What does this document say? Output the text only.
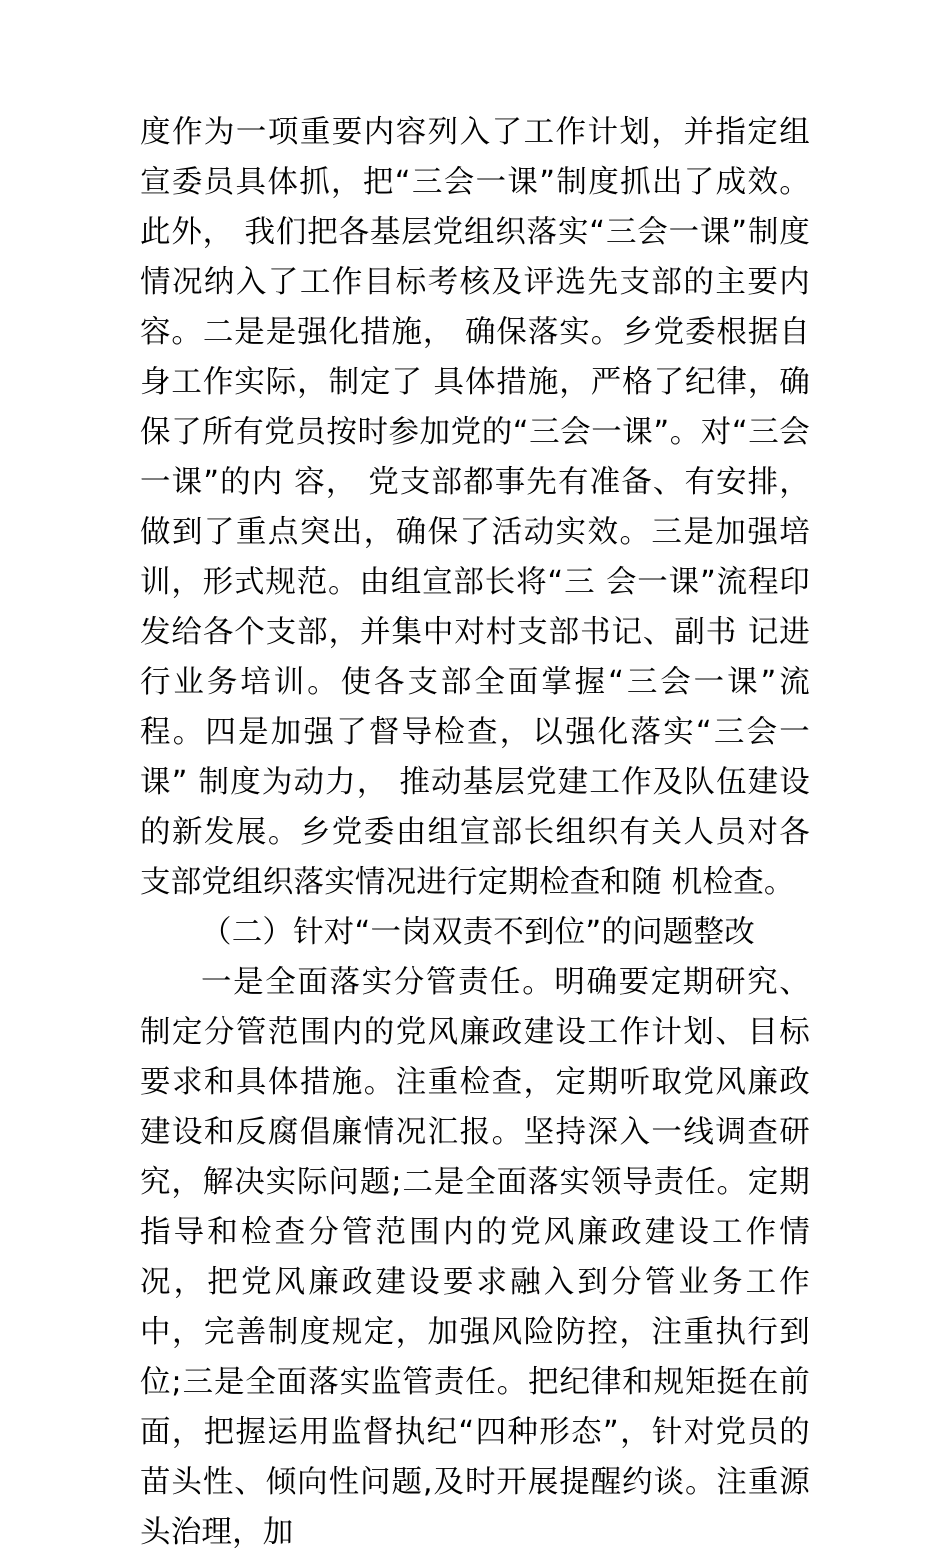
度作为一项重要内容列入了工作计划，并指定组宣委员具体抓，把“三会一课”制度抓出了成效。此外， 我们把各基层党组织落实“三会一课”制度情况纳入了工作目标考核及评选先支部的主要内容。二是是强化措施， 确保落实。乡党委根据自身工作实际，制定了 具体措施，严格了纪律，确保了所有党员按时参加党的“三会一课”。对“三会一课”的内 容， 党支部都事先有准备、有安排， 做到了重点突出，确保了活动实效。三是加强培训，形式规范。由组宣部长将“三 会一课”流程印发给各个支部，并集中对村支部书记、副书 记进行业务培训。使各支部全面掌握“三会一课”流程。四是加强了督导检查，以强化落实“三会一课” 制度为动力， 推动基层党建工作及队伍建设的新发展。乡党委由组宣部长组织有关人员对各支部党组织落实情况进行定期检查和随 机检查。

（二）针对“一岗双责不到位”的问题整改

一是全面落实分管责任。明确要定期研究、制定分管范围内的党风廉政建设工作计划、目标要求和具体措施。注重检查，定期听取党风廉政建设和反腐倡廉情况汇报。坚持深入一线调查研究，解决实际问题;二是全面落实领导责任。定期指导和检查分管范围内的党风廉政建设工作情况，把党风廉政建设要求融入到分管业务工作中，完善制度规定，加强风险防控，注重执行到位;三是全面落实监管责任。把纪律和规矩挺在前面，把握运用监督执纪“四种形态”，针对党员的苗头性、倾向性问题,及时开展提醒约谈。注重源头治理，加
